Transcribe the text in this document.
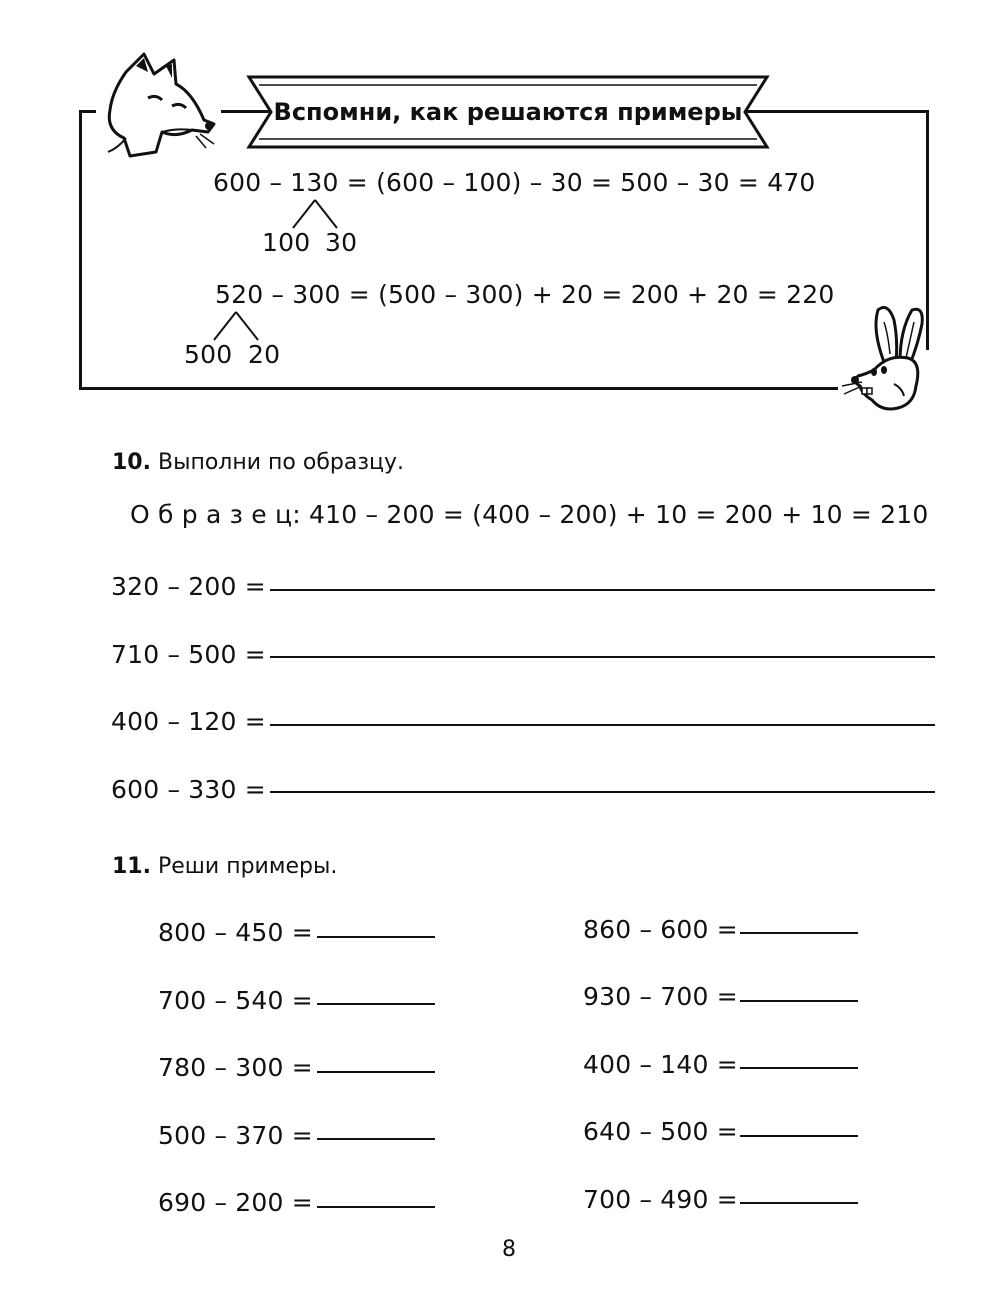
Вспомни, как решаются примеры
600 – 130 = (600 – 100) – 30 = 500 – 30 = 470
100 30
520 – 300 = (500 – 300) + 20 = 200 + 20 = 220
500 20
10. Выполни по образцу.
О б р а з е ц: 410 – 200 = (400 – 200) + 10 = 200 + 10 = 210
320 – 200 =
710 – 500 =
400 – 120 =
600 – 330 =
11. Реши примеры.
800 – 450 =
700 – 540 =
780 – 300 =
500 – 370 =
690 – 200 =
860 – 600 =
930 – 700 =
400 – 140 =
640 – 500 =
700 – 490 =
8
